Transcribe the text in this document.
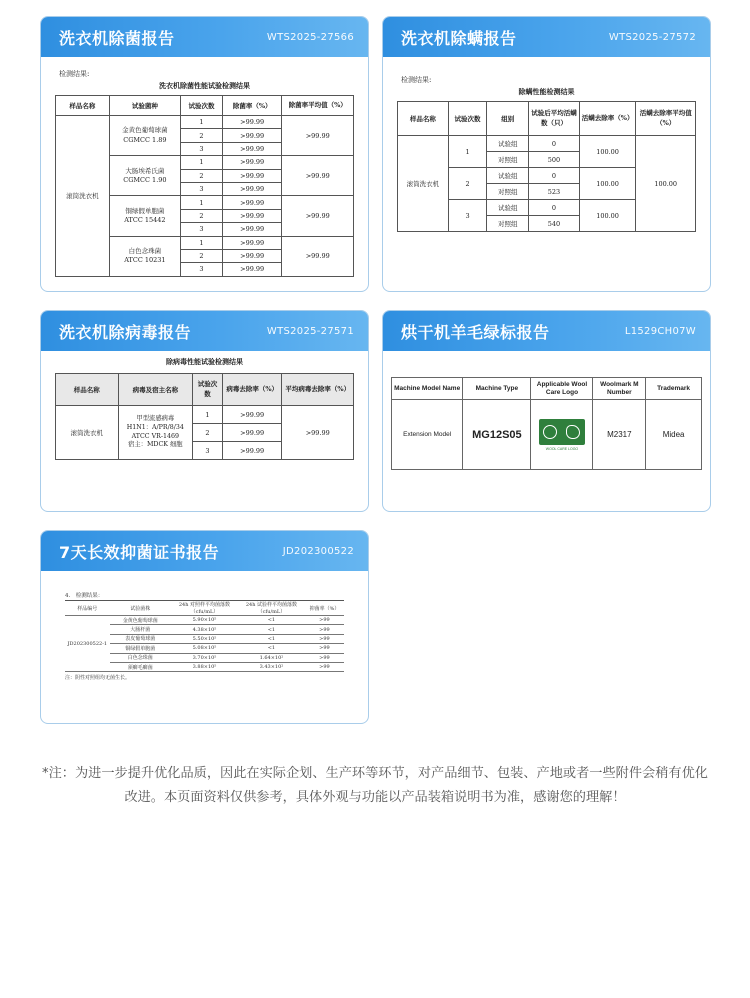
洗衣机除菌报告	WTS2025-27566
检测结果:
洗衣机除菌性能试验检测结果
样品名称	试验菌种	试验次数	除菌率（%）	除菌率平均值（%）
滚筒洗衣机	金黄色葡萄球菌
CGMCC 1.89	1	>99.99	>99.99
		2	>99.99	
		3	>99.99	
	大肠埃希氏菌
CGMCC 1.90	1	>99.99	>99.99
		2	>99.99	
		3	>99.99	
	铜绿假单胞菌
ATCC 15442	1	>99.99	>99.99
		2	>99.99	
		3	>99.99	
	白色念珠菌
ATCC 10231	1	>99.99	>99.99
		2	>99.99	
		3	>99.99	
洗衣机除螨报告	WTS2025-27572
检测结果:
除螨性能检测结果
样品名称	试验次数	组别	试验后平均活螨数（只）	活螨去除率（%）	活螨去除率平均值（%）
滚筒洗衣机	1	试验组	0	100.00	100.00
		对照组	500		
	2	试验组	0	100.00	
		对照组	523		
	3	试验组	0	100.00	
		对照组	540		
洗衣机除病毒报告	WTS2025-27571
除病毒性能试验检测结果
样品名称	病毒及宿主名称	试验次数	病毒去除率（%）	平均病毒去除率（%）
滚筒洗衣机	甲型流感病毒
H1N1：A/PR/8/34
ATCC VR-1469
宿主：MDCK 细胞	1	>99.99	>99.99
		2	>99.99	
		3	>99.99	
烘干机羊毛绿标报告	L1529CH07W
Machine Model Name	Machine Type	Applicable Wool Care Logo	Woolmark M Number	Trademark
Extension Model	MG12S05	WOOL CARE LOGO	M2317	Midea
7天长效抑菌证书报告	JD202300522
4.　检测结果：
样品编号	试验菌株	24h 对照样平均菌落数（cfu/mL）	24h 试验样平均菌落数（cfu/mL）	抑菌率（%）
JD202300522-1	金黄色葡萄球菌	5.90×10⁵	<1	>99
	大肠杆菌	4.38×10⁵	<1	>99
	表皮葡萄球菌	5.50×10⁵	<1	>99
	铜绿假单胞菌	5.08×10⁵	<1	>99
	白色念珠菌	3.70×10⁵	1.64×10²	>99
	须癣毛癣菌	3.88×10⁵	3.43×10²	>99
注：阴性对照组均无菌生长。
*注：为进一步提升优化品质，因此在实际企划、生产环等环节，对产品细节、包装、产地或者一些附件会稍有优化改进。本页面资料仅供参考，具体外观与功能以产品装箱说明书为准，感谢您的理解！
